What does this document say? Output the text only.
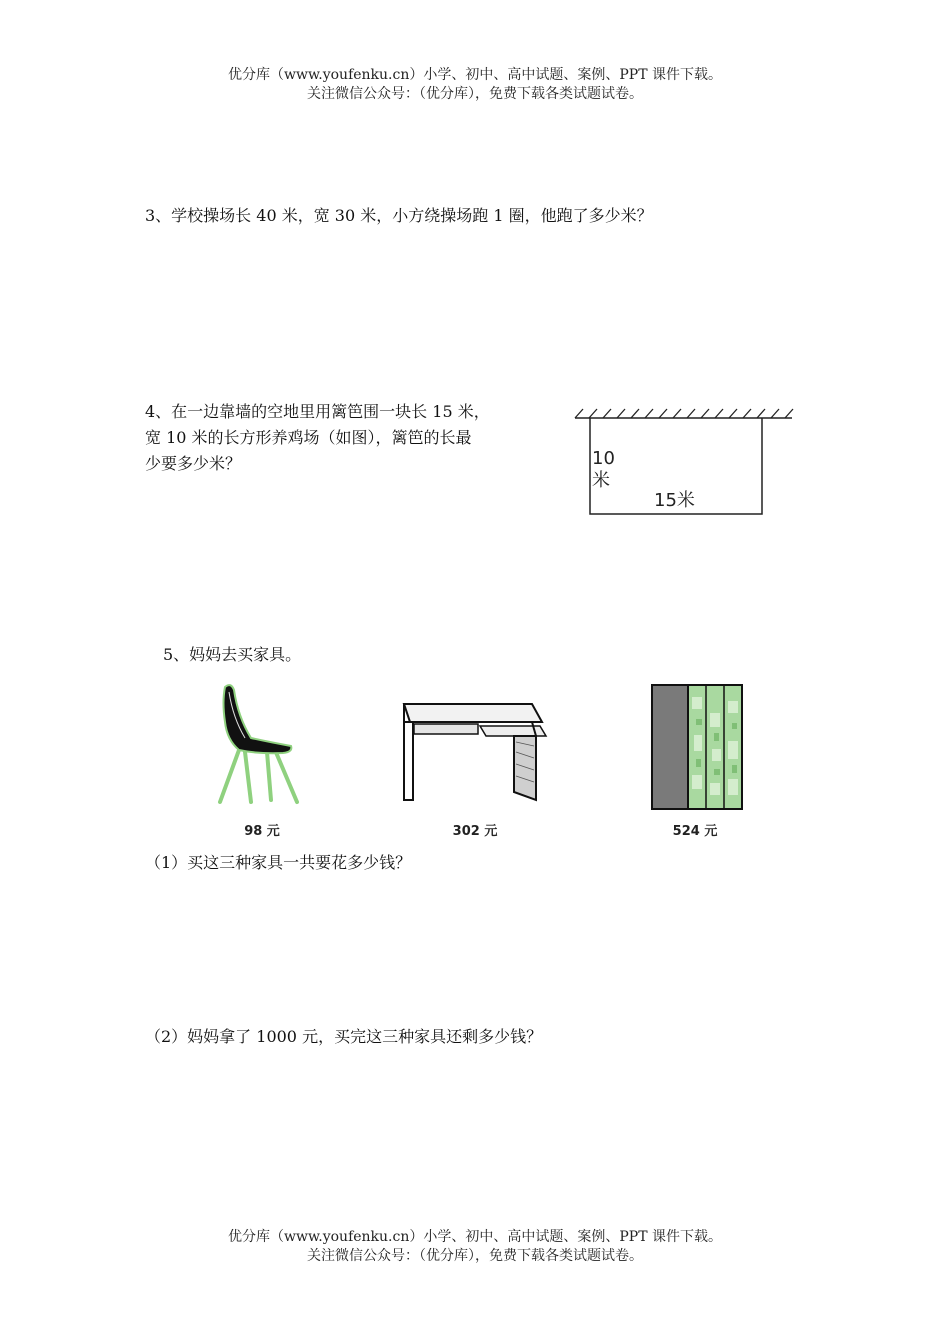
优分库（www.youfenku.cn）小学、初中、高中试题、案例、PPT 课件下载。
关注微信公众号：（优分库），免费下载各类试题试卷。
3、学校操场长 40 米，宽 30 米，小方绕操场跑 1 圈，他跑了多少米？
4、在一边靠墙的空地里用篱笆围一块长 15 米，
宽 10 米的长方形养鸡场（如图），篱笆的长最
少要多少米？	10
米
15米
5、妈妈去买家具。
98 元	302 元	524 元
（1）买这三种家具一共要花多少钱？
（2）妈妈拿了 1000 元，买完这三种家具还剩多少钱？
优分库（www.youfenku.cn）小学、初中、高中试题、案例、PPT 课件下载。
关注微信公众号：（优分库），免费下载各类试题试卷。
